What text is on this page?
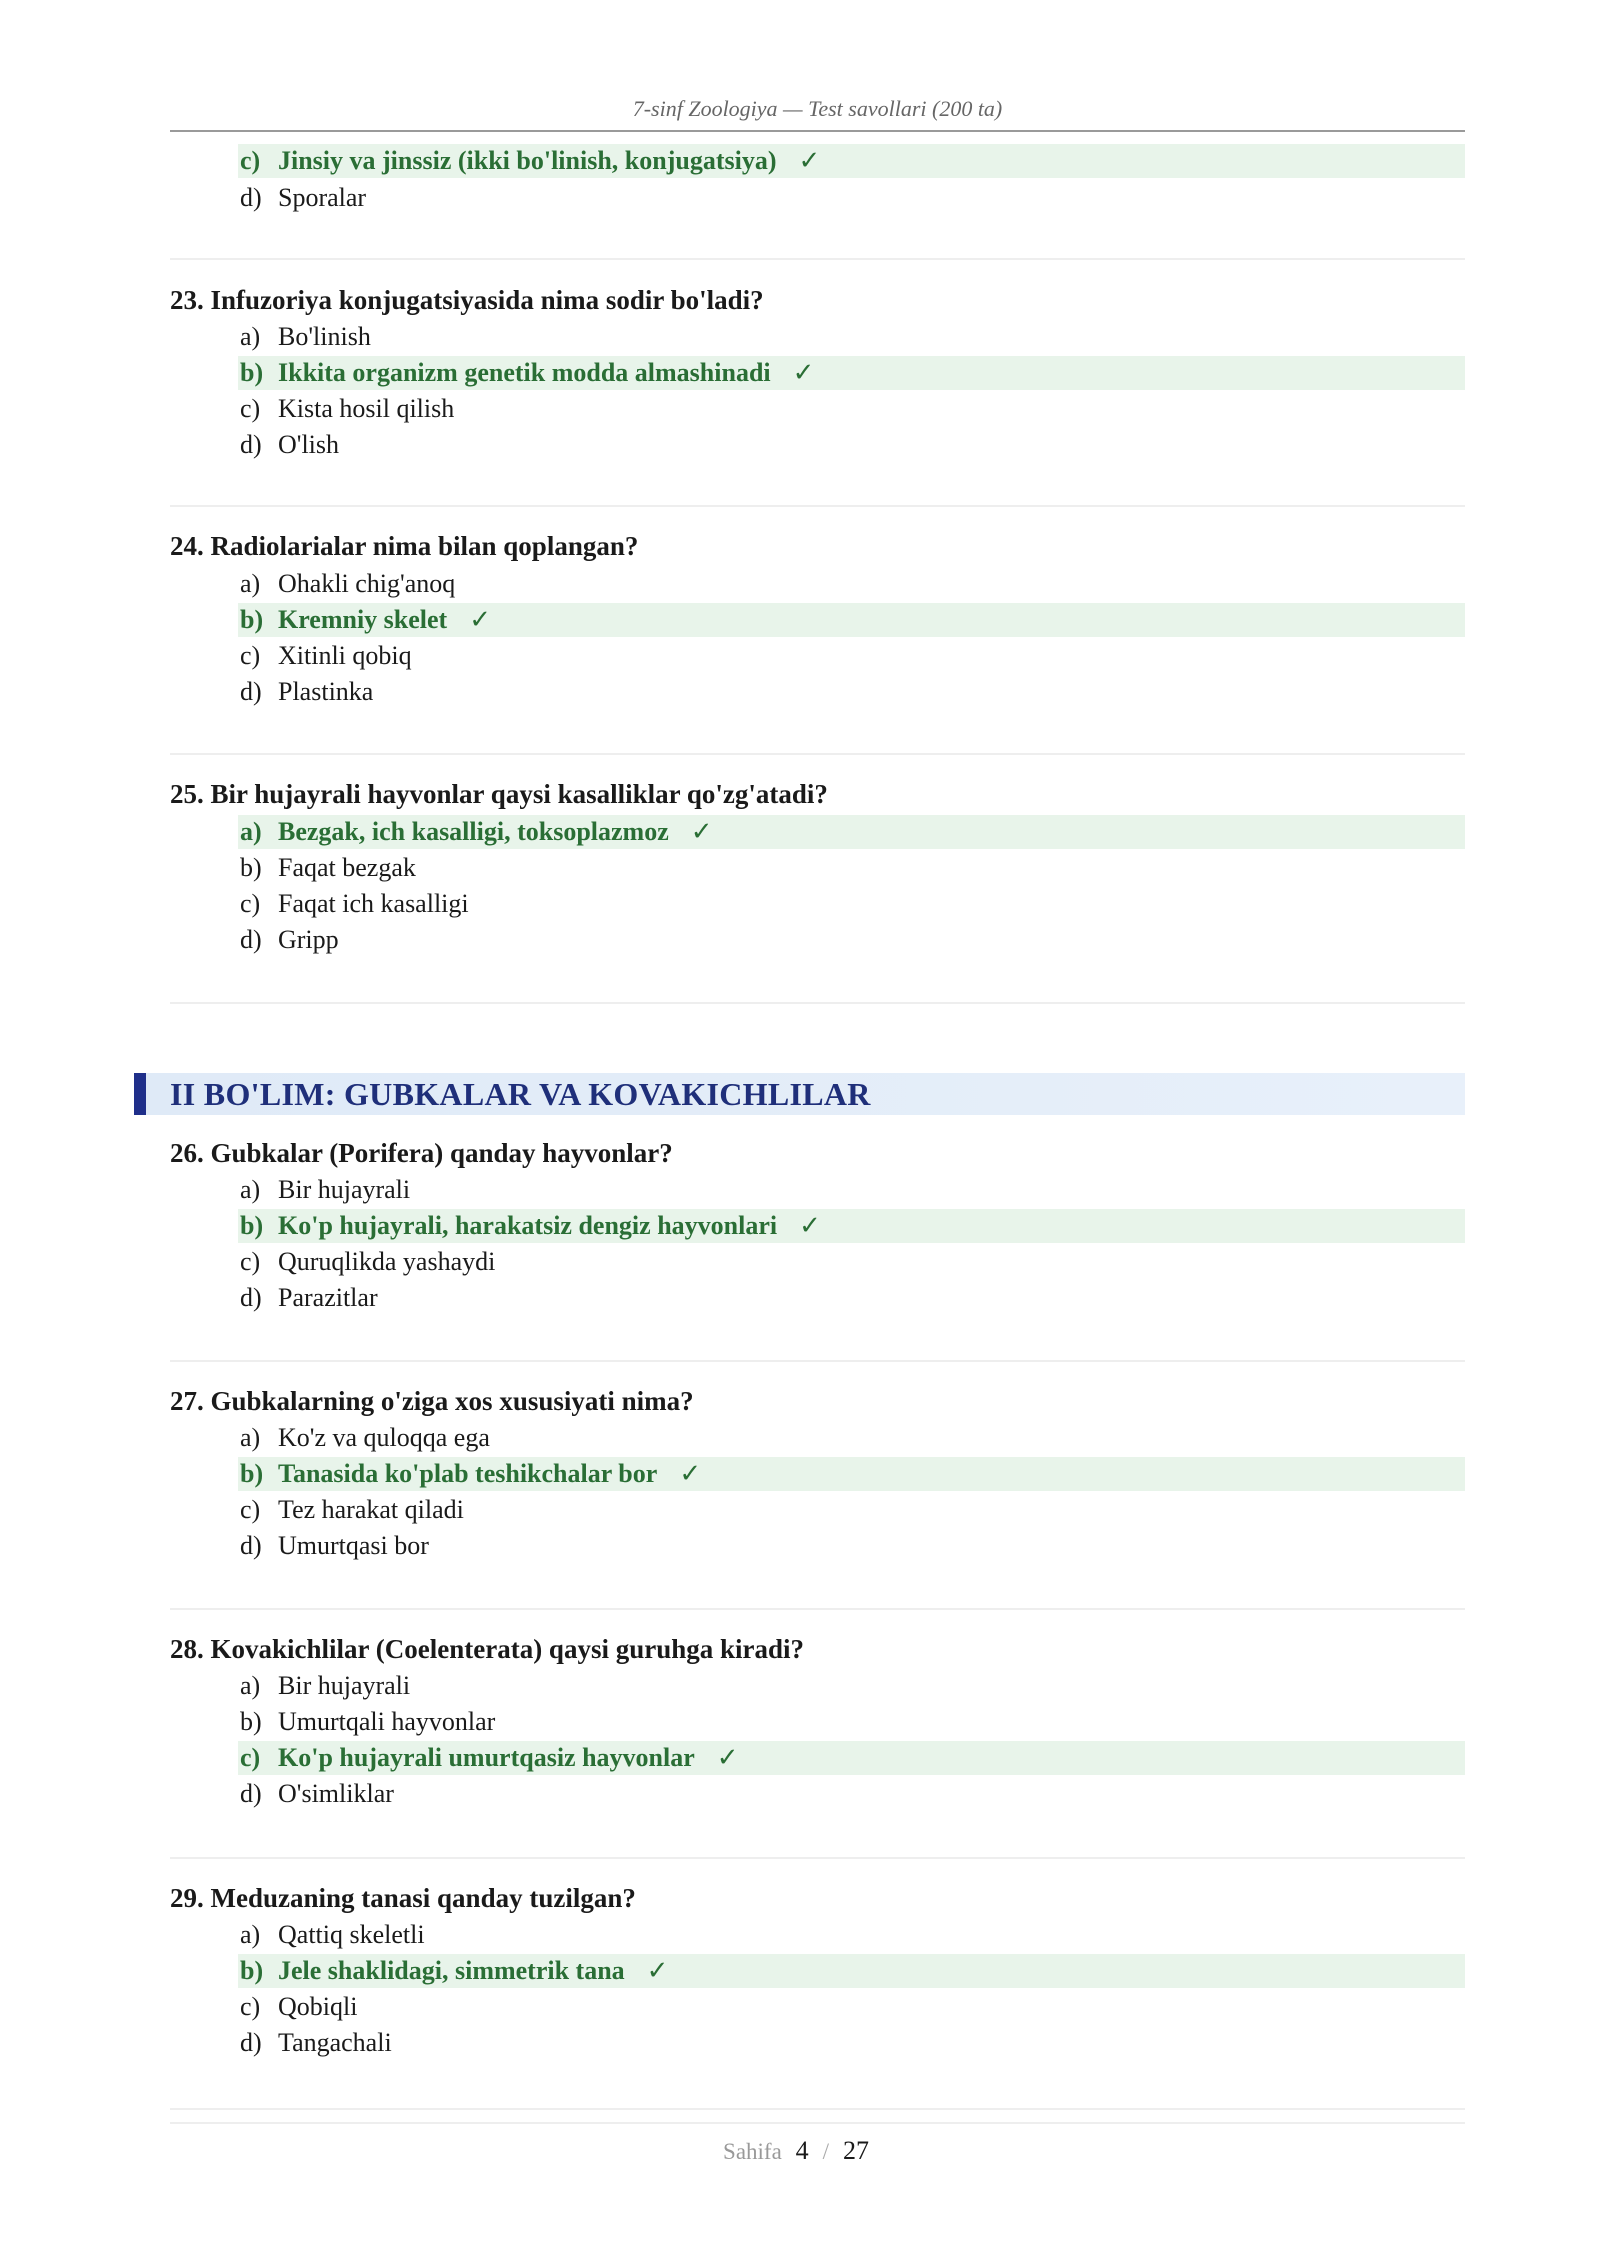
7-sinf Zoologiya — Test savollari (200 ta)
c) Jinsiy va jinssiz (ikki bo'linish, konjugatsiya) ✓
d) Sporalar
23. Infuzoriya konjugatsiyasida nima sodir bo'ladi?
a) Bo'linish
b) Ikkita organizm genetik modda almashinadi ✓
c) Kista hosil qilish
d) O'lish
24. Radiolarialar nima bilan qoplangan?
a) Ohakli chig'anoq
b) Kremniy skelet ✓
c) Xitinli qobiq
d) Plastinka
25. Bir hujayrali hayvonlar qaysi kasalliklar qo'zg'atadi?
a) Bezgak, ich kasalligi, toksoplazmoz ✓
b) Faqat bezgak
c) Faqat ich kasalligi
d) Gripp
II BO'LIM: GUBKALAR VA KOVAKICHLILAR
26. Gubkalar (Porifera) qanday hayvonlar?
a) Bir hujayrali
b) Ko'p hujayrali, harakatsiz dengiz hayvonlari ✓
c) Quruqlikda yashaydi
d) Parazitlar
27. Gubkalarning o'ziga xos xususiyati nima?
a) Ko'z va quloqqa ega
b) Tanasida ko'plab teshikchalar bor ✓
c) Tez harakat qiladi
d) Umurtqasi bor
28. Kovakichlilar (Coelenterata) qaysi guruhga kiradi?
a) Bir hujayrali
b) Umurtqali hayvonlar
c) Ko'p hujayrali umurtqasiz hayvonlar ✓
d) O'simliklar
29. Meduzaning tanasi qanday tuzilgan?
a) Qattiq skeletli
b) Jele shaklidagi, simmetrik tana ✓
c) Qobiqli
d) Tangachali
Sahifa 4 / 27
